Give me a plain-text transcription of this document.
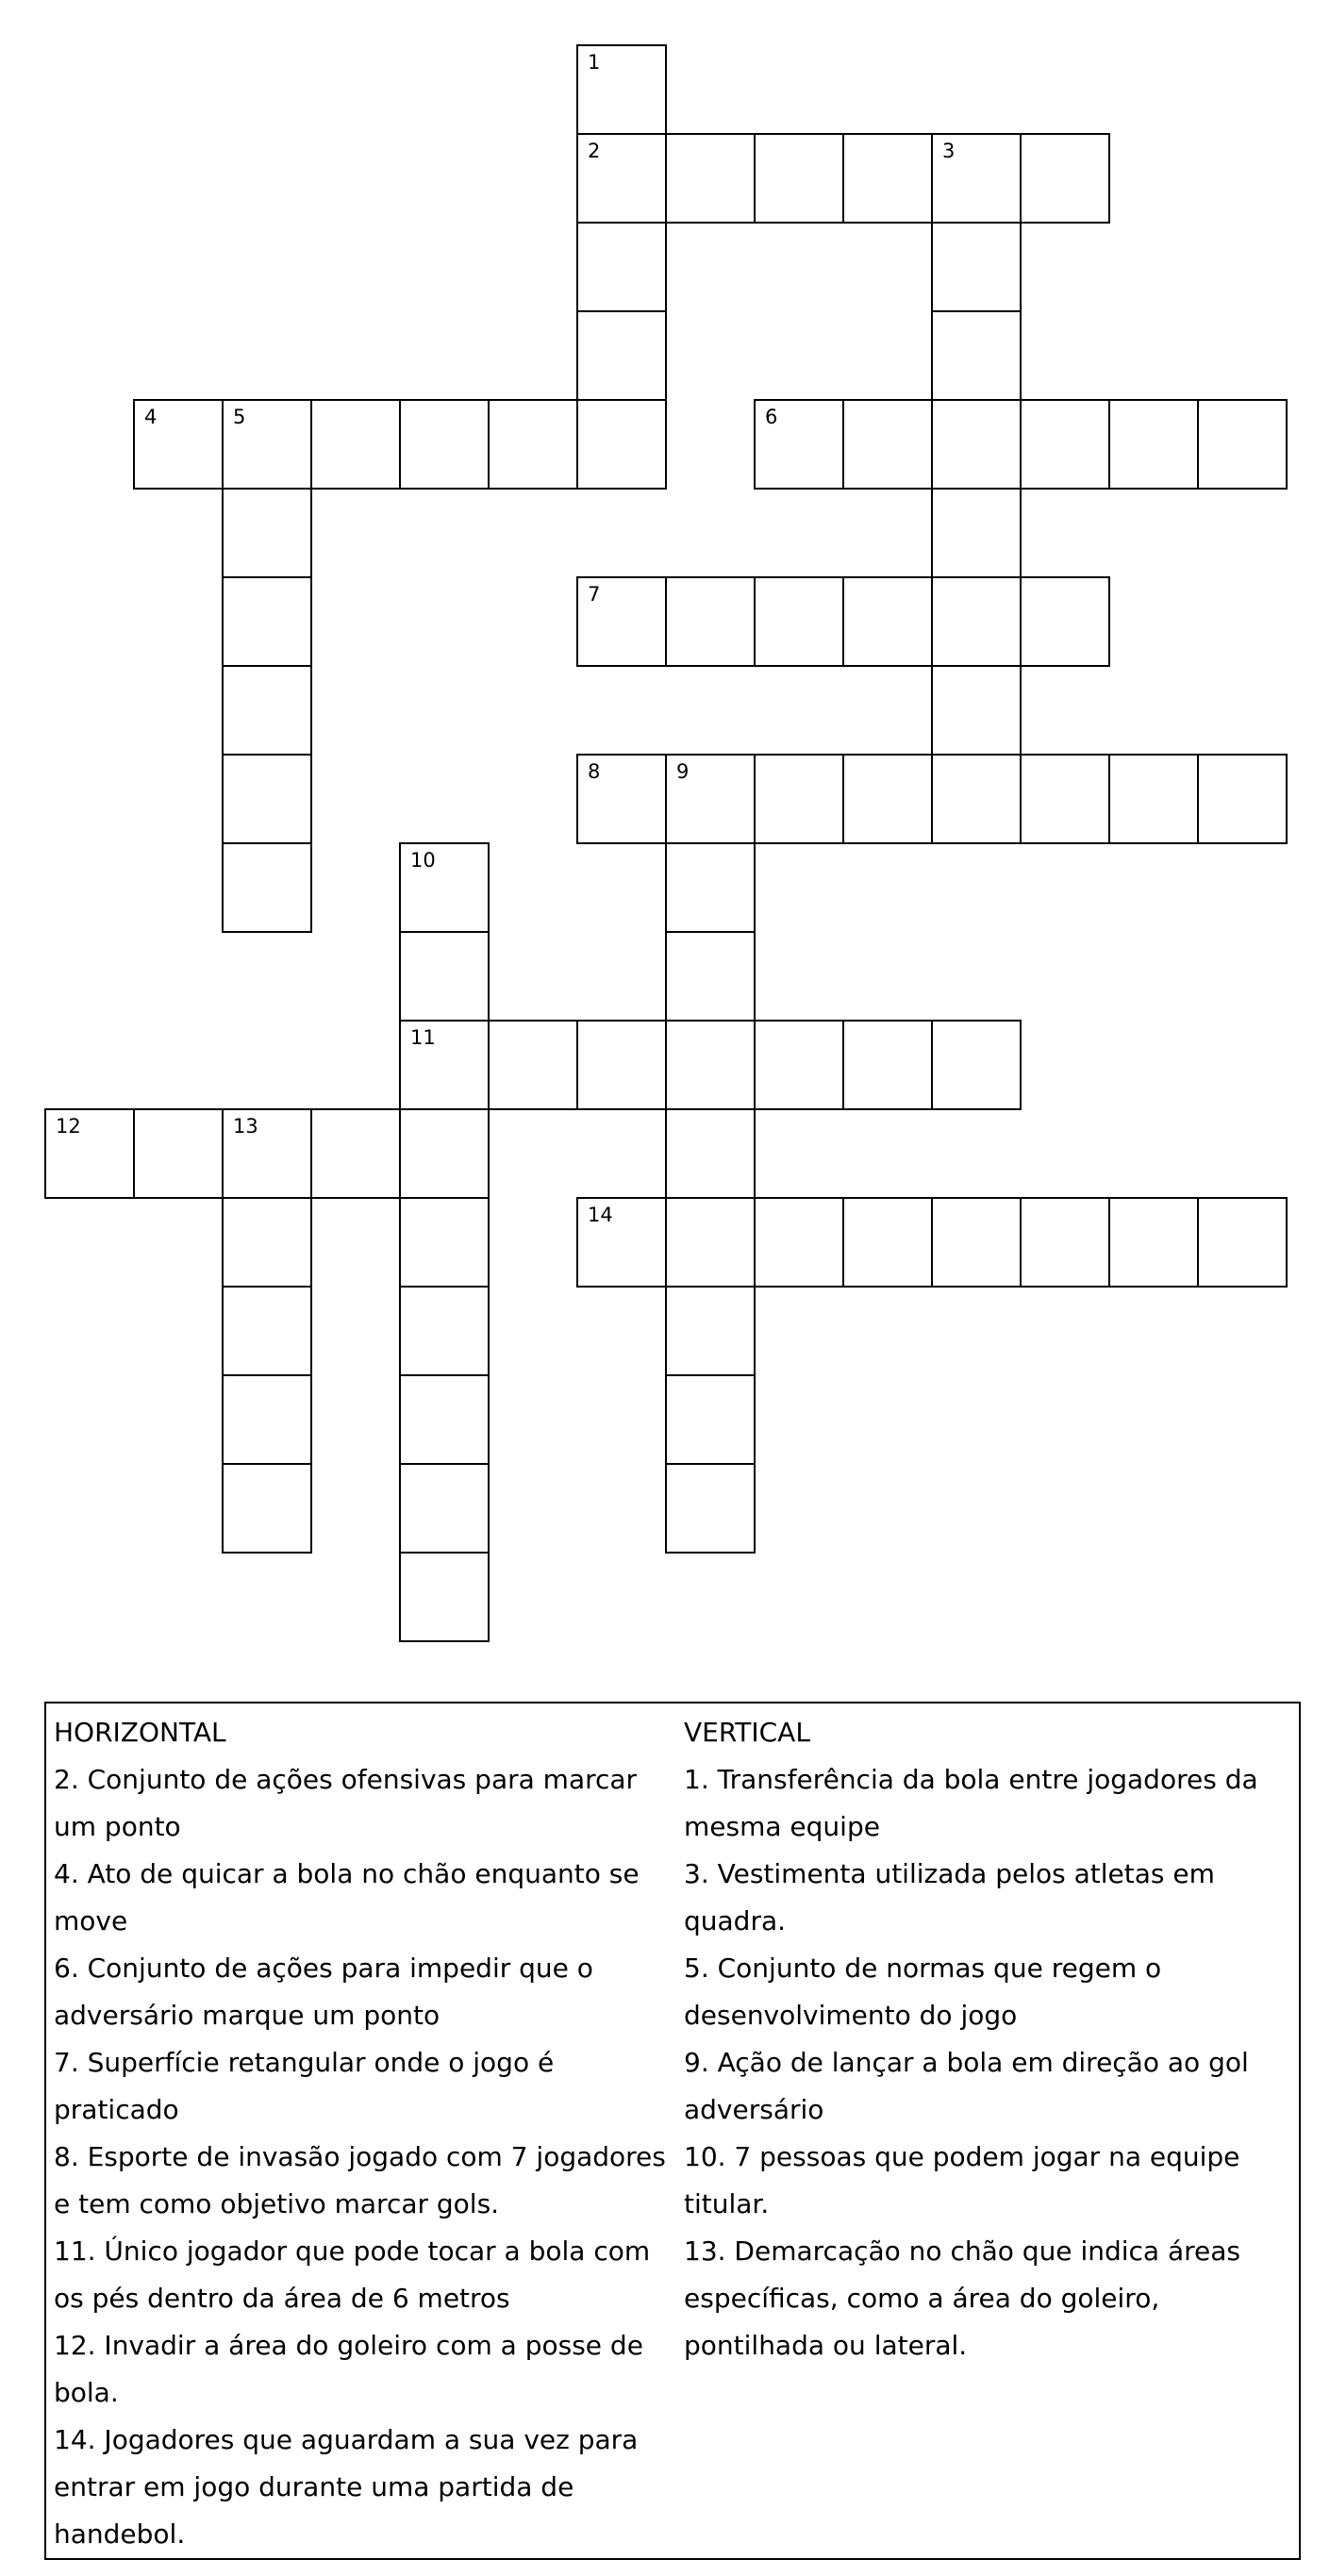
1
2	3
4	5	6
7
8	9
10
11
12	13
14

HORIZONTAL

2. Conjunto de ações ofensivas para marcar um ponto

4. Ato de quicar a bola no chão enquanto se move

6. Conjunto de ações para impedir que o adversário marque um ponto

7. Superfície retangular onde o jogo é praticado

8. Esporte de invasão jogado com 7 jogadores e tem como objetivo marcar gols.

11. Único jogador que pode tocar a bola com os pés dentro da área de 6 metros

12. Invadir a área do goleiro com a posse de bola.

14. Jogadores que aguardam a sua vez para entrar em jogo durante uma partida de handebol.

VERTICAL

1. Transferência da bola entre jogadores da mesma equipe

3. Vestimenta utilizada pelos atletas em quadra.

5. Conjunto de normas que regem o desenvolvimento do jogo

9. Ação de lançar a bola em direção ao gol adversário

10. 7 pessoas que podem jogar na equipe titular.

13. Demarcação no chão que indica áreas específicas, como a área do goleiro, pontilhada ou lateral.
